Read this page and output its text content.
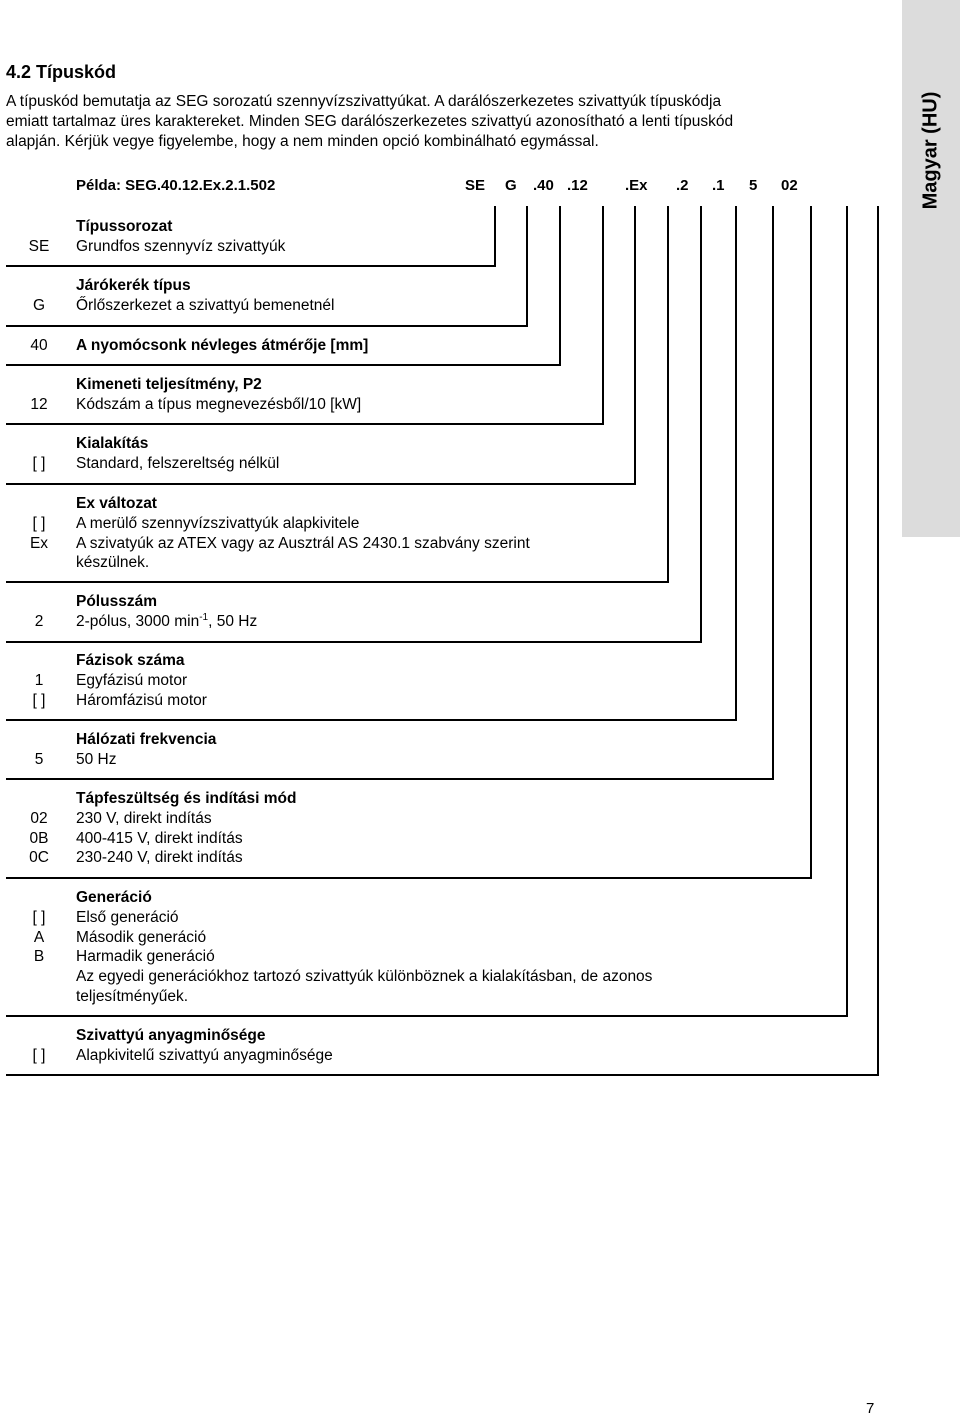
Magyar (HU)
4.2 Típuskód

A típuskód bemutatja az SEG sorozatú szennyvízszivattyúkat. A darálószerkezetes szivattyúk típuskódja

emiatt tartalmaz üres karaktereket. Minden SEG darálószerkezetes szivattyú azonosítható a lenti típuskód

alapján. Kérjük vegye figyelembe, hogy a nem minden opció kombinálható egymással.

Példa: SEG.40.12.Ex.2.1.502	SE G .40 .12 .Ex .2 .1 5 02
Típussorozat
SE	Grundfos szennyvíz szivattyúk
Járókerék típus
G	Őrlőszerkezet a szivattyú bemenetnél
40	A nyomócsonk névleges átmérője [mm]
Kimeneti teljesítmény, P2
12	Kódszám a típus megnevezésből/10 [kW]
Kialakítás
[ ]	Standard, felszereltség nélkül
Ex változat
[ ]	A merülő szennyvízszivattyúk alapkivitele
Ex	A szivatyúk az ATEX vagy az Ausztrál AS 2430.1 szabvány szerint
készülnek.
Pólusszám
2	2-pólus, 3000 $\min^{-1}$, 50 Hz
Fázisok száma
1	Egyfázisú motor
[ ]	Háromfázisú motor
Hálózati frekvencia
5	50 Hz
Tápfeszültség és indítási mód
02	230 V, direkt indítás
0B	400-415 V, direkt indítás
0C	230-240 V, direkt indítás
Generáció
[ ]	Első generáció
A	Második generáció
B	Harmadik generáció
Az egyedi generációkhoz tartozó szivattyúk különböznek a kialakításban, de azonos
teljesítményűek.
Szivattyú anyagminősége
[ ]	Alapkivitelű szivattyú anyagminősége
7
